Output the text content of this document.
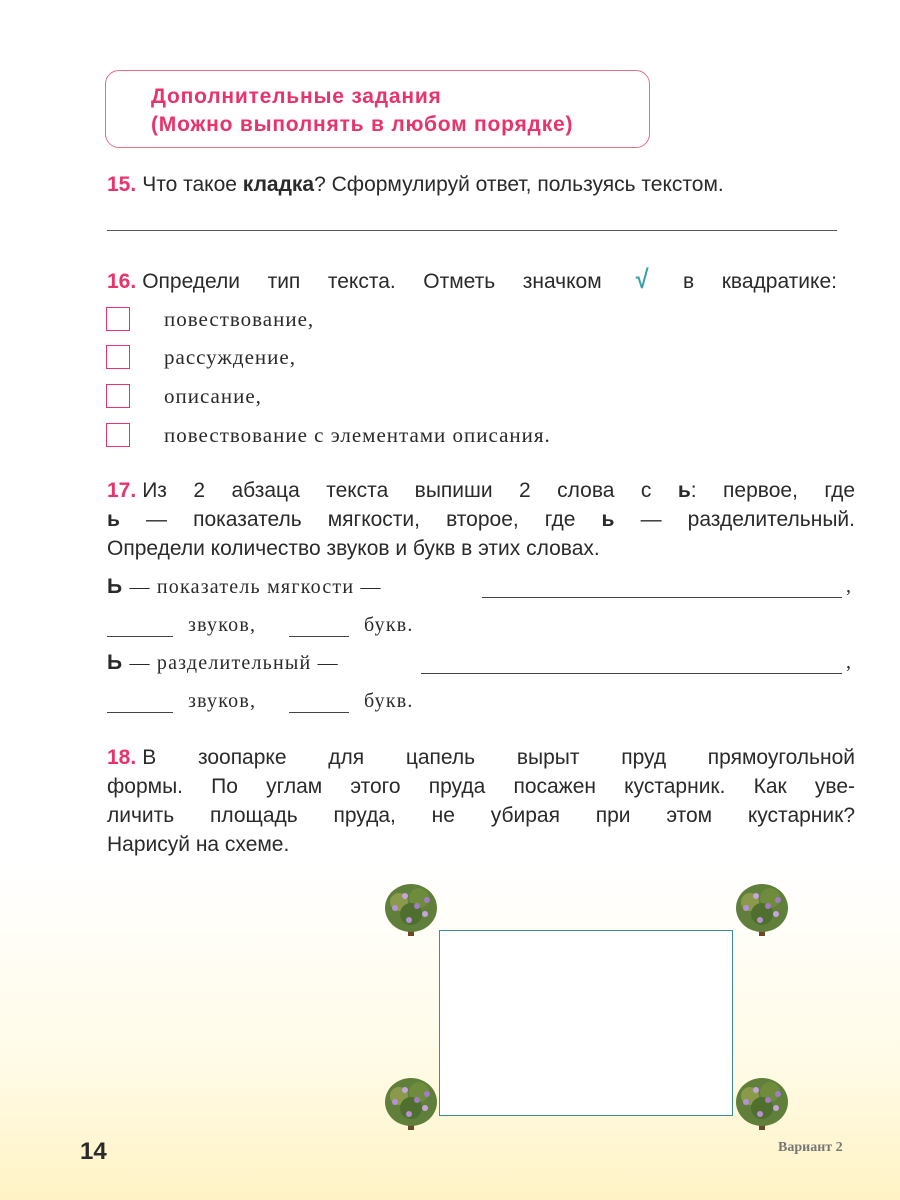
Дополнительные задания
(Можно выполнять в любом порядке)
15. Что такое кладка? Сформулируй ответ, пользуясь текстом.
16. Определи тип текста. Отметь значком √ в квадратике:
повествование,
рассуждение,
описание,
повествование с элементами описания.
17. Из 2 абзаца текста выпиши 2 слова с ь: первое, где
ь — показатель мягкости, второе, где ь — разделительный.
Определи количество звуков и букв в этих словах.
Ь — показатель мягкости —	,
звуков,	букв.
Ь — разделительный —	,
звуков,	букв.
18. В зоопарке для цапель вырыт пруд прямоугольной
формы. По углам этого пруда посажен кустарник. Как уве-
личить площадь пруда, не убирая при этом кустарник?
Нарисуй на схеме.
14	Вариант 2
